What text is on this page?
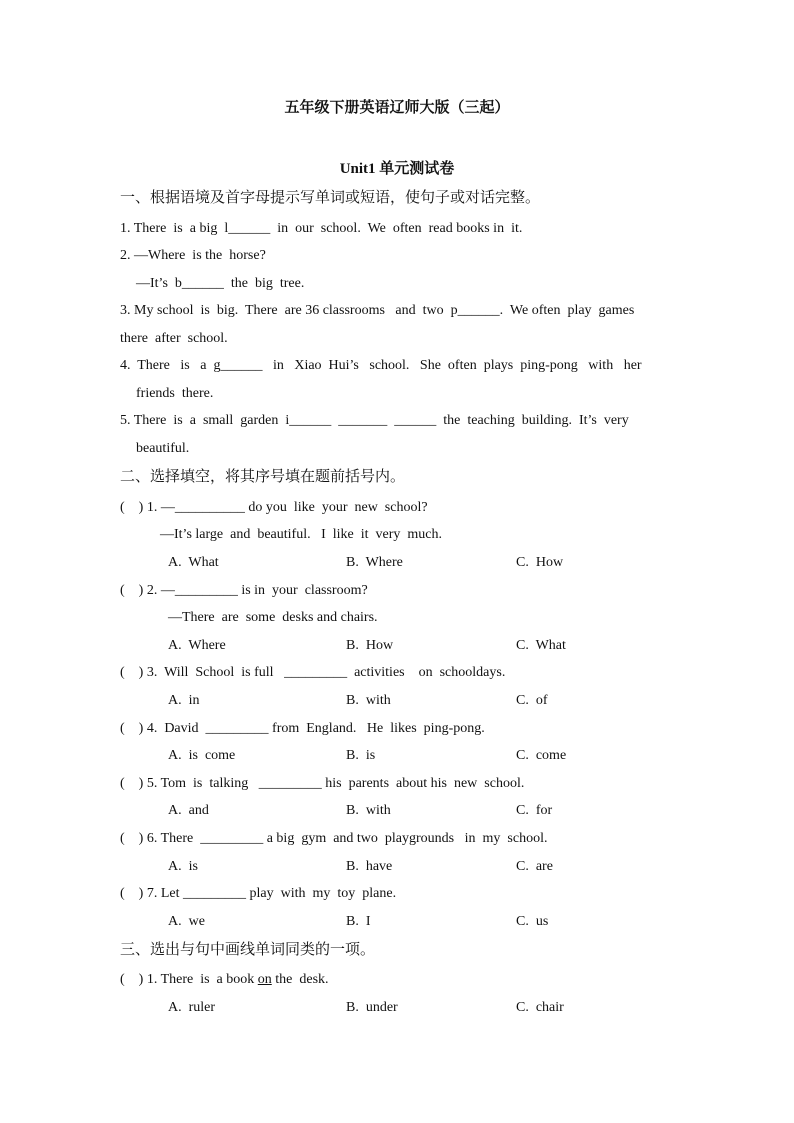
五年级下册英语辽师大版（三起）
Unit1 单元测试卷
一、根据语境及首字母提示写单词或短语，使句子或对话完整。
1. There  is  a big  l______  in  our  school.  We  often  read books in  it.
2. —Where  is the  horse?
—It’s  b______  the  big  tree.
3. My school  is  big.  There  are 36 classrooms   and  two  p______.  We often  play  games
there  after  school.
4.  There   is   a  g______   in   Xiao  Hui’s   school.   She  often  plays  ping-pong   with   her
friends  there.
5. There  is  a  small  garden  i______  _______  ______  the  teaching  building.  It’s  very
beautiful.
二、选择填空，将其序号填在题前括号内。
(    ) 1. —__________ do you  like  your  new  school?
—It’s large  and  beautiful.   I  like  it  very  much.
A.  What	B.  Where	C.  How
(    ) 2. —_________ is in  your  classroom?
—There  are  some  desks and chairs.
A.  Where	B.  How	C.  What
(    ) 3.  Will  School  is full   _________  activities    on  schooldays.
A.  in	B.  with	C.  of
(    ) 4.  David  _________ from  England.   He  likes  ping-pong.
A.  is  come	B.  is	C.  come
(    ) 5. Tom  is  talking   _________ his  parents  about his  new  school.
A.  and	B.  with	C.  for
(    ) 6. There  _________ a big  gym  and two  playgrounds   in  my  school.
A.  is	B.  have	C.  are
(    ) 7. Let _________ play  with  my  toy  plane.
A.  we	B.  I	C.  us
三、选出与句中画线单词同类的一项。
(    ) 1. There  is  a book on the  desk.
A.  ruler	B.  under	C.  chair
